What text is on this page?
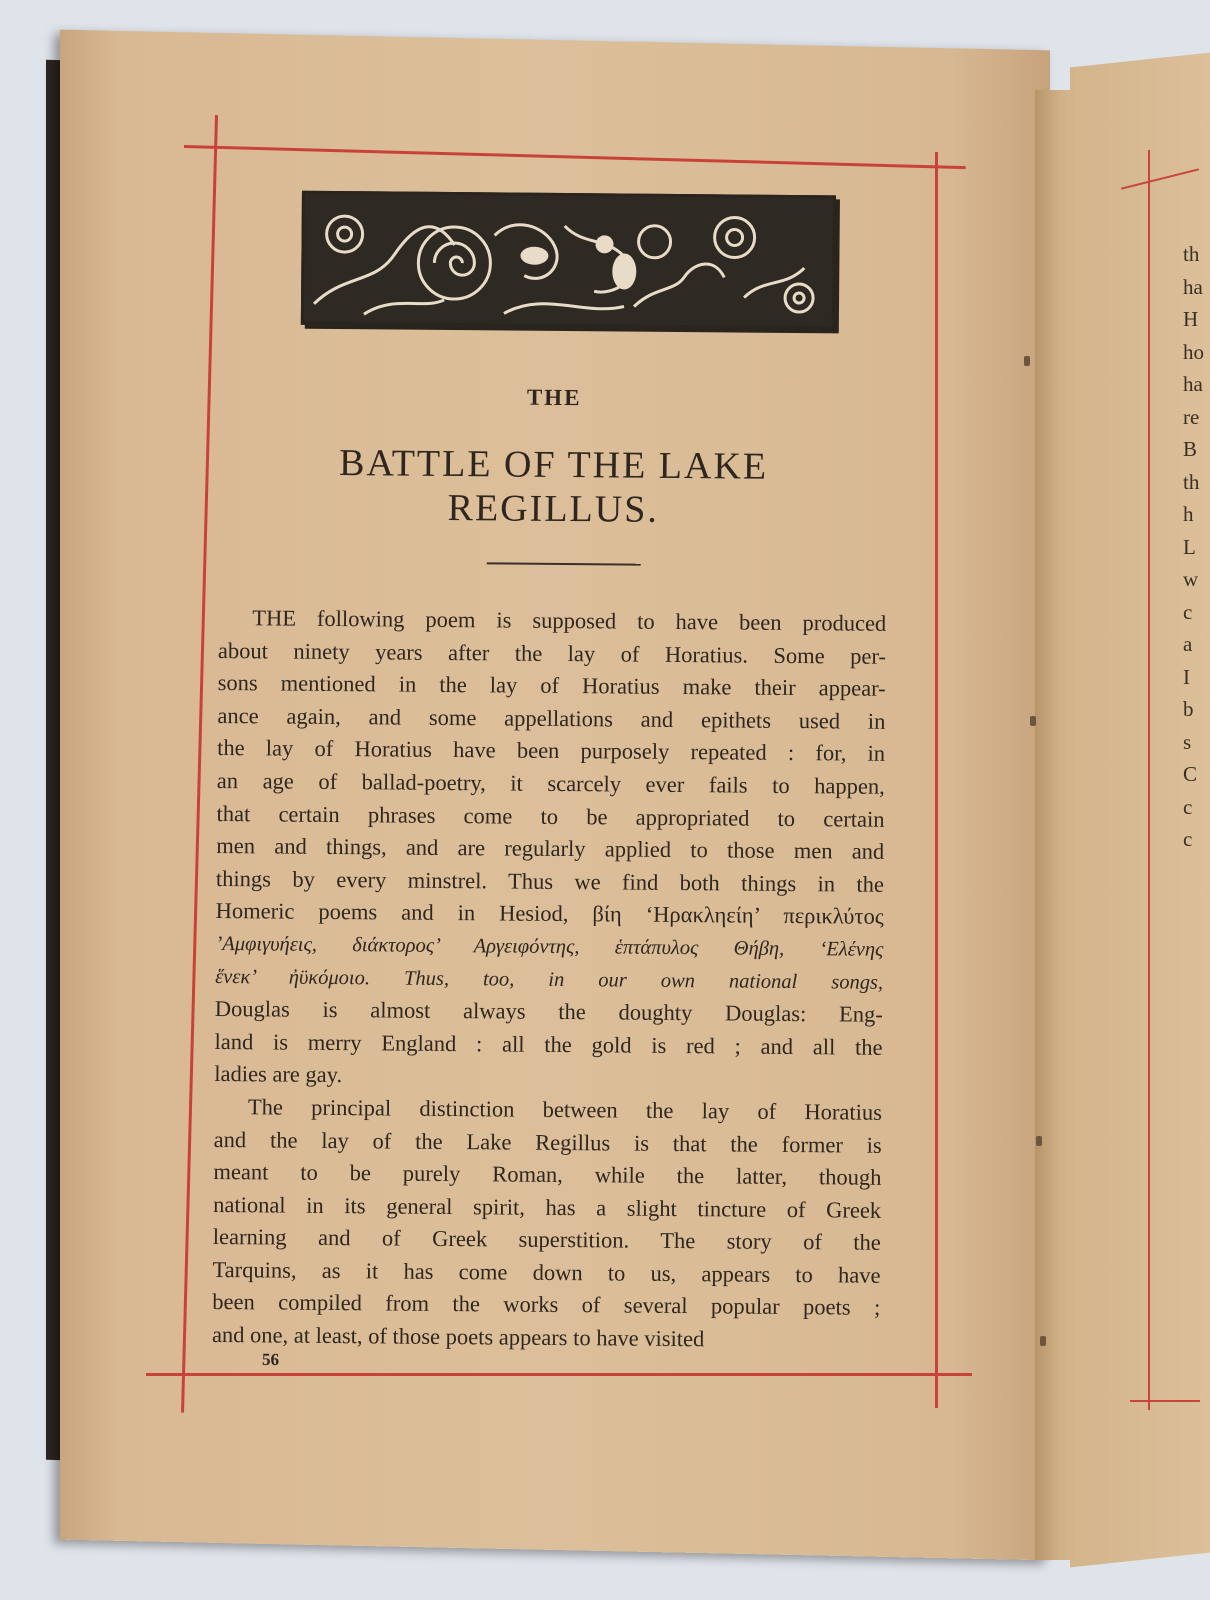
th
ha
H
ho
ha
re
B
th
h
L
w
c
a
I
b
s
C
c
c
THE
BATTLE OF THE LAKE
REGILLUS.
THE following poem is supposed to have been produced
about ninety years after the lay of Horatius. Some per-
sons mentioned in the lay of Horatius make their appear-
ance again, and some appellations and epithets used in
the lay of Horatius have been purposely repeated : for, in
an age of ballad-poetry, it scarcely ever fails to happen,
that certain phrases come to be appropriated to certain
men and things, and are regularly applied to those men and
things by every minstrel. Thus we find both things in the
Homeric poems and in Hesiod, βίη ‘Ηρακληείη’ περικλύτος
’Αμφιγυήεις, διάκτορος’ Αργειφόντης, ἑπτάπυλος Θήβη, ‘Ελένης
ἕνεκ’ ἠϋκόμοιο. Thus, too, in our own national songs,
Douglas is almost always the doughty Douglas: Eng-
land is merry England : all the gold is red ; and all the
ladies are gay.
The principal distinction between the lay of Horatius
and the lay of the Lake Regillus is that the former is
meant to be purely Roman, while the latter, though
national in its general spirit, has a slight tincture of Greek
learning and of Greek superstition. The story of the
Tarquins, as it has come down to us, appears to have
been compiled from the works of several popular poets ;
and one, at least, of those poets appears to have visited
56
